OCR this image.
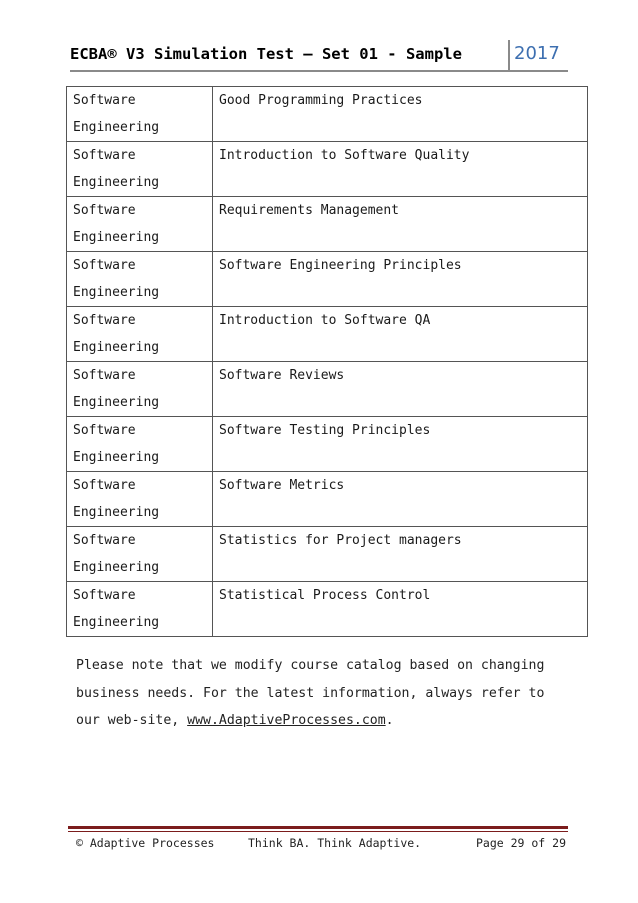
ECBA® V3 Simulation Test – Set 01 - Sample	2017
Software Engineering	Good Programming Practices
Software Engineering	Introduction to Software Quality
Software Engineering	Requirements Management
Software Engineering	Software Engineering Principles
Software Engineering	Introduction to Software QA
Software Engineering	Software Reviews
Software Engineering	Software Testing Principles
Software Engineering	Software Metrics
Software Engineering	Statistics for Project managers
Software Engineering	Statistical Process Control

Please note that we modify course catalog based on changing business needs. For the latest information, always refer to our web-site, www.AdaptiveProcesses.com.

© Adaptive Processes	Think BA. Think Adaptive.	Page 29 of 29
